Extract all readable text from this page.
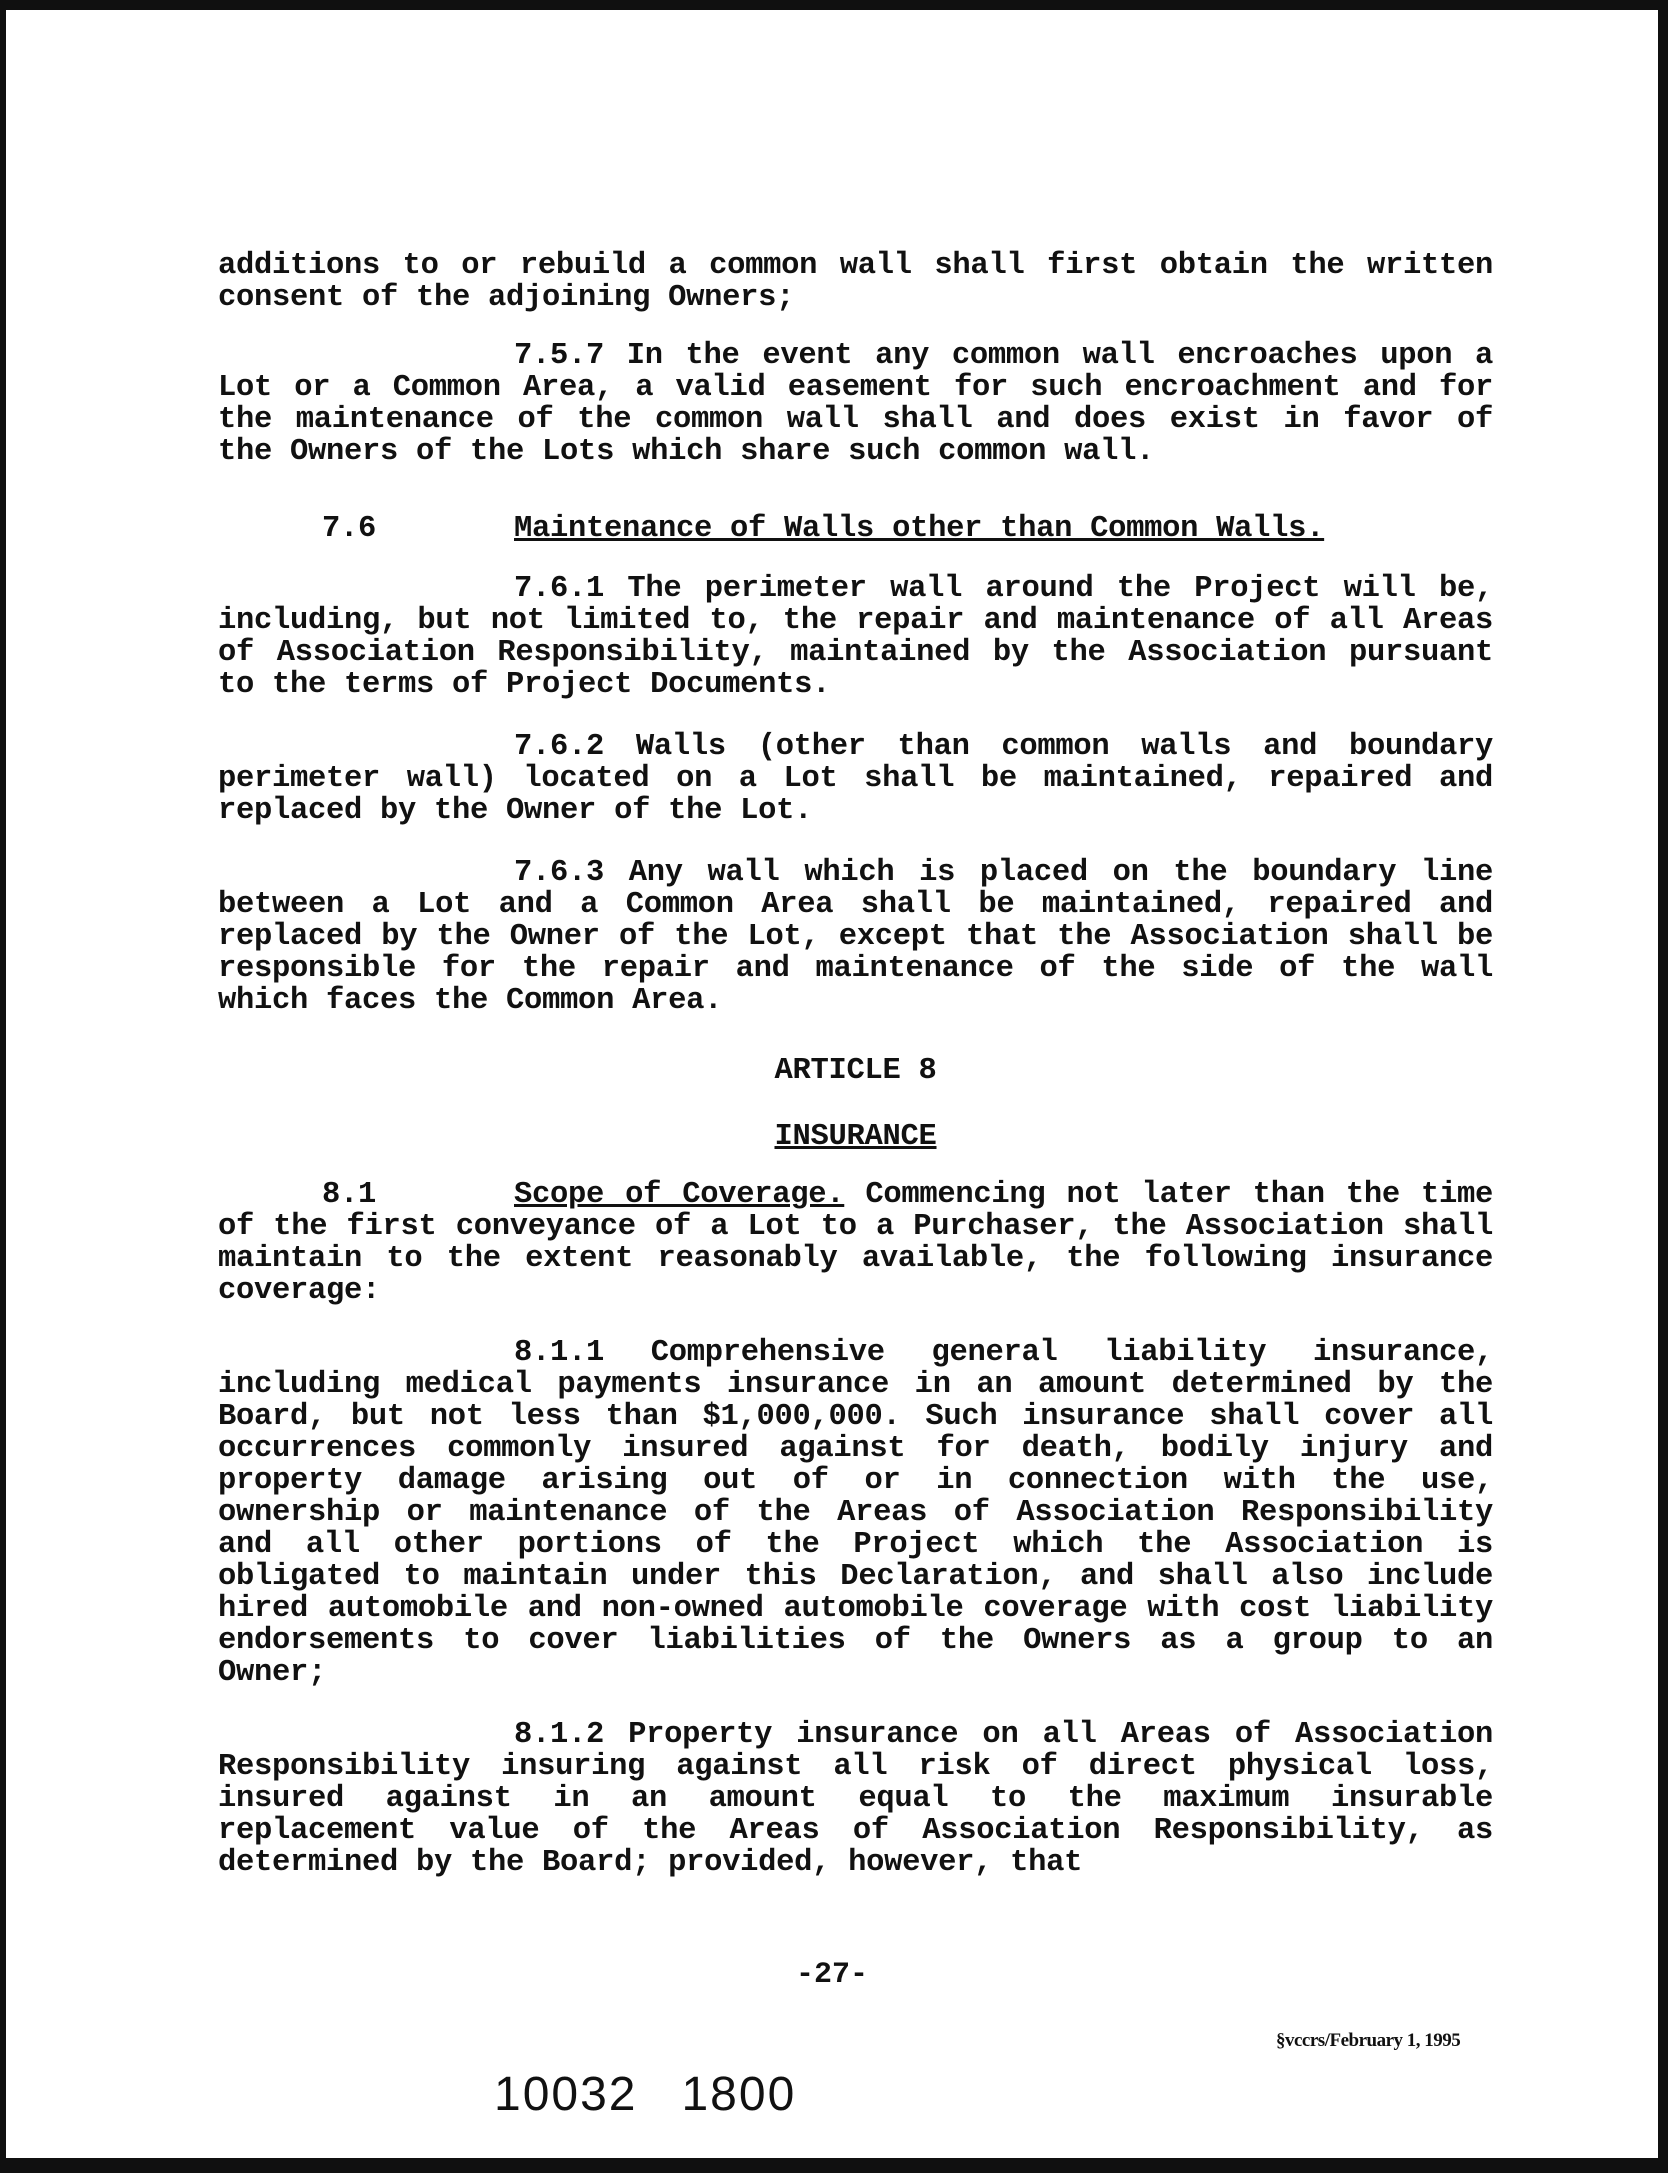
additions to or rebuild a common wall shall first obtain the written consent of the adjoining Owners;

7.5.7 In the event any common wall encroaches upon a Lot or a Common Area, a valid easement for such encroachment and for the maintenance of the common wall shall and does exist in favor of the Owners of the Lots which share such common wall.

7.6	Maintenance of Walls other than Common Walls.

7.6.1 The perimeter wall around the Project will be, including, but not limited to, the repair and maintenance of all Areas of Association Responsibility, maintained by the Association pursuant to the terms of Project Documents.

7.6.2 Walls (other than common walls and boundary perimeter wall) located on a Lot shall be maintained, repaired and replaced by the Owner of the Lot.

7.6.3 Any wall which is placed on the boundary line between a Lot and a Common Area shall be maintained, repaired and replaced by the Owner of the Lot, except that the Association shall be responsible for the repair and maintenance of the side of the wall which faces the Common Area.

ARTICLE 8
INSURANCE

8.1	Scope of Coverage. Commencing not later than the time of the first conveyance of a Lot to a Purchaser, the Association shall maintain to the extent reasonably available, the following insurance coverage:

8.1.1 Comprehensive general liability insurance, including medical payments insurance in an amount determined by the Board, but not less than $1,000,000. Such insurance shall cover all occurrences commonly insured against for death, bodily injury and property damage arising out of or in connection with the use, ownership or maintenance of the Areas of Association Responsibility and all other portions of the Project which the Association is obligated to maintain under this Declaration, and shall also include hired automobile and non-owned automobile coverage with cost liability endorsements to cover liabilities of the Owners as a group to an Owner;

8.1.2 Property insurance on all Areas of Association Responsibility insuring against all risk of direct physical loss, insured against in an amount equal to the maximum insurable replacement value of the Areas of Association Responsibility, as determined by the Board; provided, however, that

-27-
§vccrs/February 1, 1995
10032 1800
